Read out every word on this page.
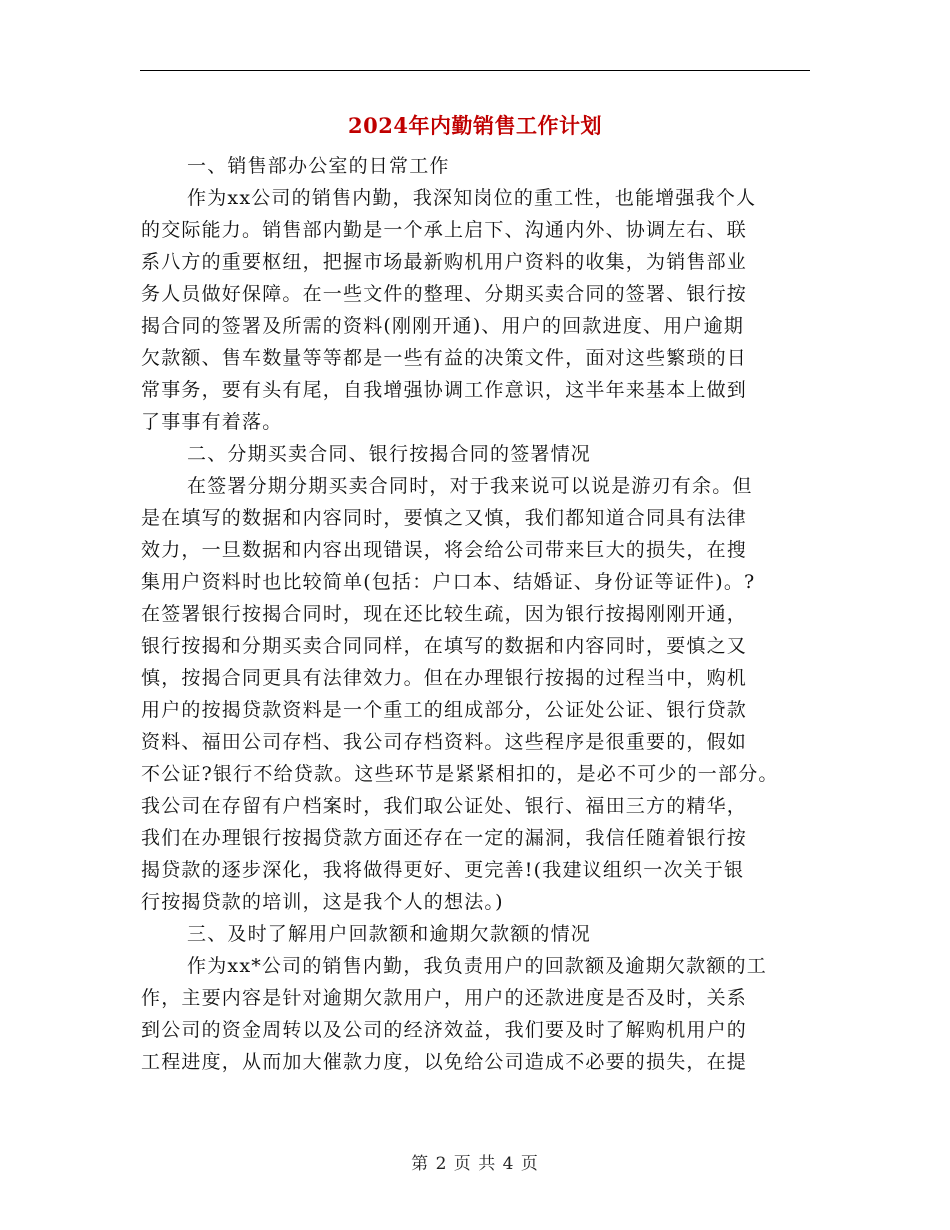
2024年内勤销售工作计划
一、销售部办公室的日常工作
作为xx公司的销售内勤，我深知岗位的重工性，也能增强我个人
的交际能力。销售部内勤是一个承上启下、沟通内外、协调左右、联
系八方的重要枢纽，把握市场最新购机用户资料的收集，为销售部业
务人员做好保障。在一些文件的整理、分期买卖合同的签署、银行按
揭合同的签署及所需的资料(刚刚开通)、用户的回款进度、用户逾期
欠款额、售车数量等等都是一些有益的决策文件，面对这些繁琐的日
常事务，要有头有尾，自我增强协调工作意识，这半年来基本上做到
了事事有着落。
二、分期买卖合同、银行按揭合同的签署情况
在签署分期分期买卖合同时，对于我来说可以说是游刃有余。但
是在填写的数据和内容同时，要慎之又慎，我们都知道合同具有法律
效力，一旦数据和内容出现错误，将会给公司带来巨大的损失，在搜
集用户资料时也比较简单(包括：户口本、结婚证、身份证等证件)。?
在签署银行按揭合同时，现在还比较生疏，因为银行按揭刚刚开通，
银行按揭和分期买卖合同同样，在填写的数据和内容同时，要慎之又
慎，按揭合同更具有法律效力。但在办理银行按揭的过程当中，购机
用户的按揭贷款资料是一个重工的组成部分，公证处公证、银行贷款
资料、福田公司存档、我公司存档资料。这些程序是很重要的，假如
不公证?银行不给贷款。这些环节是紧紧相扣的，是必不可少的一部分。
我公司在存留有户档案时，我们取公证处、银行、福田三方的精华，
我们在办理银行按揭贷款方面还存在一定的漏洞，我信任随着银行按
揭贷款的逐步深化，我将做得更好、更完善!(我建议组织一次关于银
行按揭贷款的培训，这是我个人的想法。)
三、及时了解用户回款额和逾期欠款额的情况
作为xx*公司的销售内勤，我负责用户的回款额及逾期欠款额的工
作，主要内容是针对逾期欠款用户，用户的还款进度是否及时，关系
到公司的资金周转以及公司的经济效益，我们要及时了解购机用户的
工程进度，从而加大催款力度，以免给公司造成不必要的损失，在提
第 2 页 共 4 页
